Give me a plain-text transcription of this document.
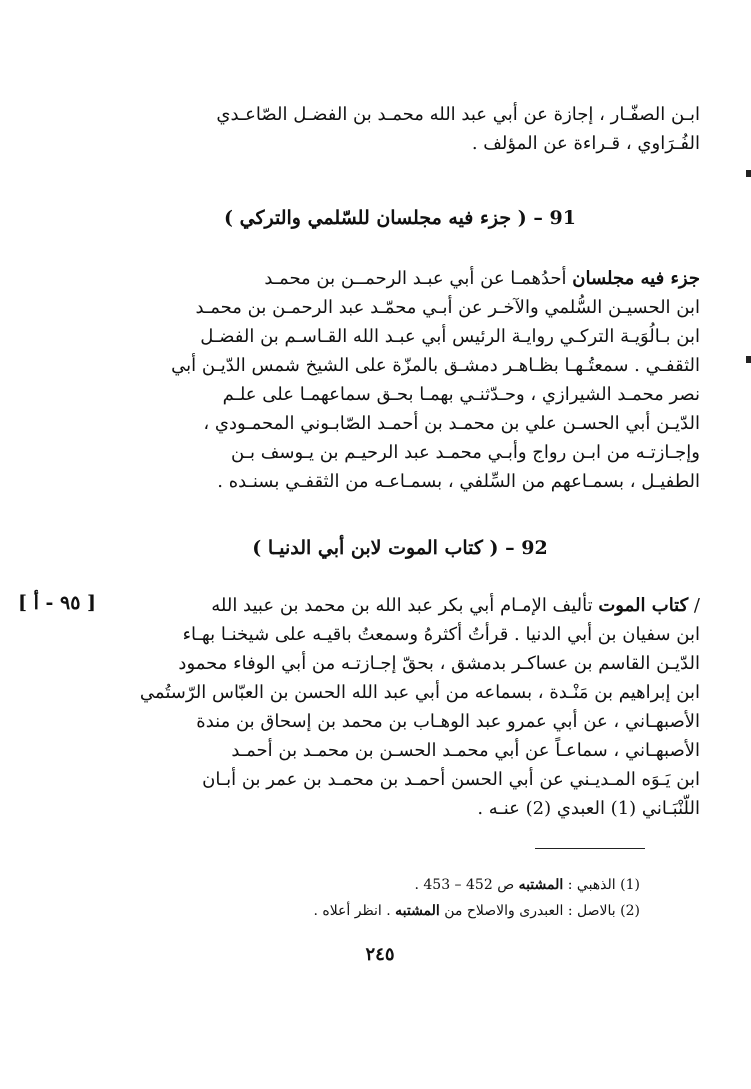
ابـن الصفّـار ، إجازة عن أبي عبد الله محمـد بن الفضـل الصّاعـدي
الفُـرَاوي ، قـراءة عن المؤلف .
91 – ( جزء فيه مجلسان للسّلمي والتركي )
جزء فيه مجلسان أحدُهمـا عن أبي عبـد الرحمــن بن محمـد
ابن الحسيـن السُّلمي والآخـر عن أبـي محمّـد عبد الرحمـن بن محمـد
ابن بـالُوَيـة التركـي روايـة الرئيس أبي عبـد الله القـاسـم بن الفضـل
الثقفـي . سمعتُـهـا بظـاهـر دمشـق بالمزّة على الشيخ شمس الدّيـن أبي
نصر محمـد الشيرازي ، وحـدّثنـي بهمـا بحـق سماعهمـا على علـم
الدّيـن أبي الحسـن علي بن محمـد بن أحمـد الصّابـوني المحمـودي ،
وإجـازتـه من ابـن رواج وأبـي محمـد عبد الرحيـم بن يـوسف بـن
الطفيـل ، بسمـاعهم من السِّلفي ، بسمـاعـه من الثقفـي بسنـده .
92 – ( كتاب الموت لابن أبي الدنيـا )
[ ٩٥ - أ ]	/ كتاب الموت تأليف الإمـام أبي بكر عبد الله بن محمد بن عبيد الله
ابن سفيان بن أبي الدنيا . قرأتُ أكثرهُ وسمعتُ باقيـه على شيخنـا بهـاء
الدّيـن القاسم بن عساكـر بدمشق ، بحقّ إجـازتـه من أبي الوفاء محمود
ابن إبراهيم بن مَنْـدة ، بسماعه من أبي عبد الله الحسن بن العبّاس الرّستُمي
الأصبهـاني ، عن أبي عمرو عبد الوهـاب بن محمد بن إسحاق بن مندة
الأصبهـاني ، سماعـاً عن أبي محمـد الحسـن بن محمـد بن أحمـد
ابن يَـوَه المـديـني عن أبي الحسن أحمـد بن محمـد بن عمر بن أبـان
اللّنْبَـاني (1) العبدي (2) عنـه .
(1) الذهبي : المشتبه ص 452 – 453 .
(2) بالاصل : العبدرى والاصلاح من المشتبه . انظر أعلاه .
٢٤٥
